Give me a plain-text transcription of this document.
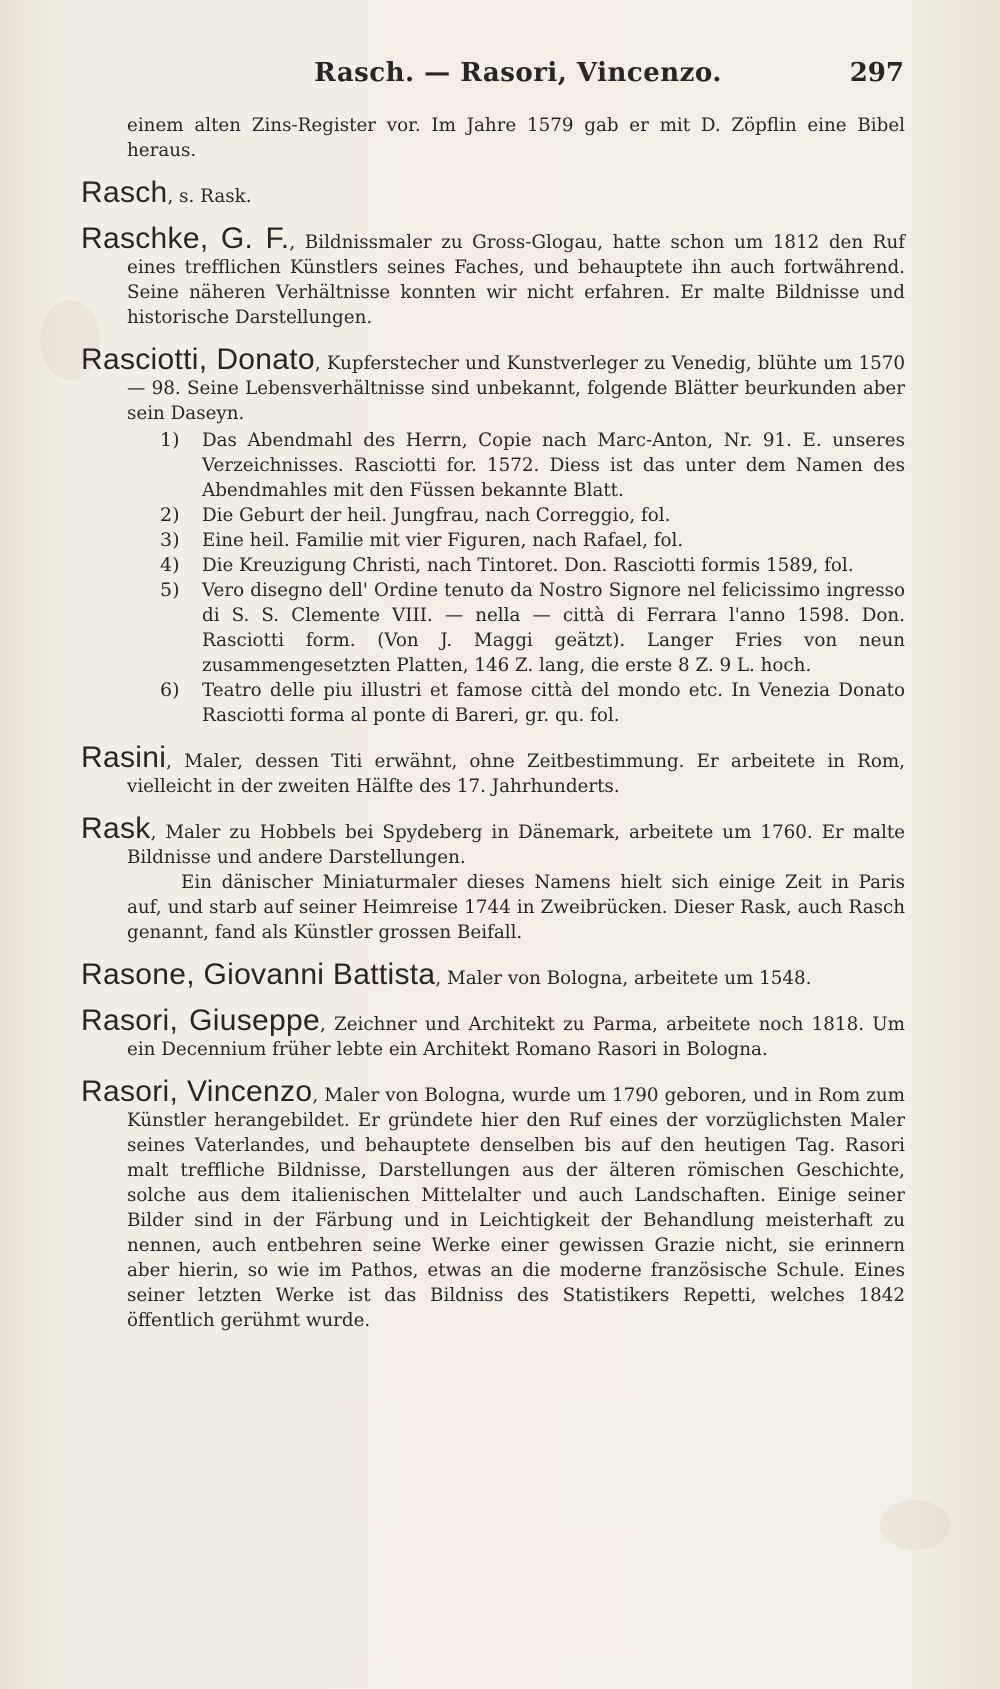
Rasch. — Rasori, Vincenzo.	297

einem alten Zins-Register vor. Im Jahre 1579 gab er mit D. Zöpflin eine Bibel heraus.

Rasch, s. Rask.

Raschke, G. F., Bildnissmaler zu Gross-Glogau, hatte schon um 1812 den Ruf eines trefflichen Künstlers seines Faches, und behauptete ihn auch fortwährend. Seine näheren Verhältnisse konnten wir nicht erfahren. Er malte Bildnisse und historische Darstellungen.

Rasciotti, Donato, Kupferstecher und Kunstverleger zu Venedig, blühte um 1570 — 98. Seine Lebensverhältnisse sind unbekannt, folgende Blätter beurkunden aber sein Daseyn.

1) Das Abendmahl des Herrn, Copie nach Marc-Anton, Nr. 91. E. unseres Verzeichnisses. Rasciotti for. 1572. Diess ist das unter dem Namen des Abendmahles mit den Füssen bekannte Blatt.
2) Die Geburt der heil. Jungfrau, nach Correggio, fol.
3) Eine heil. Familie mit vier Figuren, nach Rafael, fol.
4) Die Kreuzigung Christi, nach Tintoret. Don. Rasciotti formis 1589, fol.
5) Vero disegno dell' Ordine tenuto da Nostro Signore nel felicissimo ingresso di S. S. Clemente VIII. — nella — città di Ferrara l'anno 1598. Don. Rasciotti form. (Von J. Maggi geätzt). Langer Fries von neun zusammengesetzten Platten, 146 Z. lang, die erste 8 Z. 9 L. hoch.
6) Teatro delle piu illustri et famose città del mondo etc. In Venezia Donato Rasciotti forma al ponte di Bareri, gr. qu. fol.

Rasini, Maler, dessen Titi erwähnt, ohne Zeitbestimmung. Er arbeitete in Rom, vielleicht in der zweiten Hälfte des 17. Jahrhunderts.

Rask, Maler zu Hobbels bei Spydeberg in Dänemark, arbeitete um 1760. Er malte Bildnisse und andere Darstellungen.

Ein dänischer Miniaturmaler dieses Namens hielt sich einige Zeit in Paris auf, und starb auf seiner Heimreise 1744 in Zweibrücken. Dieser Rask, auch Rasch genannt, fand als Künstler grossen Beifall.

Rasone, Giovanni Battista, Maler von Bologna, arbeitete um 1548.

Rasori, Giuseppe, Zeichner und Architekt zu Parma, arbeitete noch 1818. Um ein Decennium früher lebte ein Architekt Romano Rasori in Bologna.

Rasori, Vincenzo, Maler von Bologna, wurde um 1790 geboren, und in Rom zum Künstler herangebildet. Er gründete hier den Ruf eines der vorzüglichsten Maler seines Vaterlandes, und behauptete denselben bis auf den heutigen Tag. Rasori malt treffliche Bildnisse, Darstellungen aus der älteren römischen Geschichte, solche aus dem italienischen Mittelalter und auch Landschaften. Einige seiner Bilder sind in der Färbung und in Leichtigkeit der Behandlung meisterhaft zu nennen, auch entbehren seine Werke einer gewissen Grazie nicht, sie erinnern aber hierin, so wie im Pathos, etwas an die moderne französische Schule. Eines seiner letzten Werke ist das Bildniss des Statistikers Repetti, welches 1842 öffentlich gerühmt wurde.
